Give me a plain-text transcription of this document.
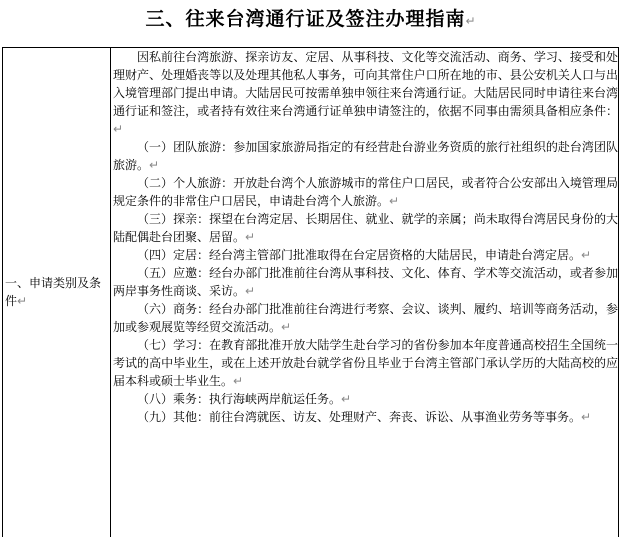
三、往来台湾通行证及签注办理指南↵
一、申请类别及条件↵

因私前往台湾旅游、探亲访友、定居、从事科技、文化等交流活动、商务、学习、接受和处理财产、处理婚丧等以及处理其他私人事务，可向其常住户口所在地的市、县公安机关人口与出入境管理部门提出申请。大陆居民可按需单独申领往来台湾通行证。大陆居民同时申请往来台湾通行证和签注，或者持有效往来台湾通行证单独申请签注的，依据不同事由需须具备相应条件：↵

（一）团队旅游：参加国家旅游局指定的有经营赴台游业务资质的旅行社组织的赴台湾团队旅游。↵

（二）个人旅游：开放赴台湾个人旅游城市的常住户口居民，或者符合公安部出入境管理局规定条件的非常住户口居民，申请赴台湾个人旅游。↵

（三）探亲：探望在台湾定居、长期居住、就业、就学的亲属；尚未取得台湾居民身份的大陆配偶赴台团聚、居留。↵

（四）定居：经台湾主管部门批准取得在台定居资格的大陆居民，申请赴台湾定居。↵

（五）应邀：经台办部门批准前往台湾从事科技、文化、体育、学术等交流活动，或者参加两岸事务性商谈、采访。↵

（六）商务：经台办部门批准前往台湾进行考察、会议、谈判、履约、培训等商务活动，参加或参观展览等经贸交流活动。↵

（七）学习：在教育部批准开放大陆学生赴台学习的省份参加本年度普通高校招生全国统一考试的高中毕业生，或在上述开放赴台就学省份且毕业于台湾主管部门承认学历的大陆高校的应届本科或硕士毕业生。↵

（八）乘务：执行海峡两岸航运任务。↵

（九）其他：前往台湾就医、访友、处理财产、奔丧、诉讼、从事渔业劳务等事务。↵
